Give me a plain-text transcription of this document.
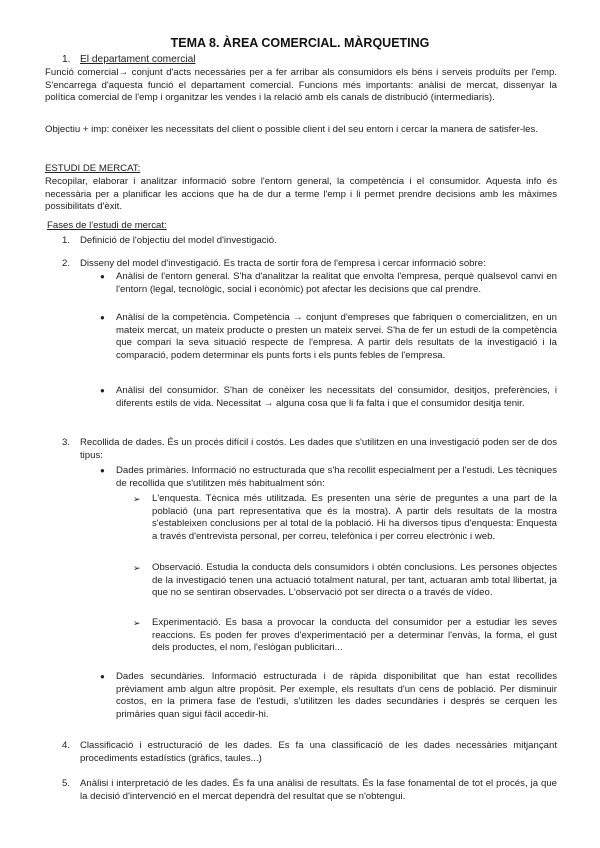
TEMA 8. ÀREA COMERCIAL. MÀRQUETING
1. El departament comercial
Funció comercial→ conjunt d'acts necessàries per a fer arribar als consumidors els béns i serveis produïts per l'emp. S'encarrega d'aquesta funció el departament comercial. Funcions més importants: anàlisi de mercat, dissenyar la política comercial de l'emp i organitzar les vendes i la relació amb els canals de distribució (intermediaris).
Objectiu + imp: conèixer les necessitats del client o possible client i del seu entorn i cercar la manera de satisfer-les.
ESTUDI DE MERCAT:
Recopilar, elaborar i analitzar informació sobre l'entorn general, la competència i el consumidor. Aquesta info és necessària per a planificar les accions que ha de dur a terme l'emp i li permet prendre decisions amb les màximes possibilitats d'èxit.
Fases de l'estudi de mercat:
1.	Definició de l'objectiu del model d'investigació.
2.	Disseny del model d'investigació. Es tracta de sortir fora de l'empresa i cercar informació sobre:
●	Anàlisi de l'entorn general. S'ha d'analitzar la realitat que envolta l'empresa, perquè qualsevol canvi en l'entorn (legal, tecnològic, social i econòmic) pot afectar les decisions que cal prendre.
●	Anàlisi de la competència. Competència → conjunt d'empreses que fabriquen o comercialitzen, en un mateix mercat, un mateix producte o presten un mateix servei. S'ha de fer un estudi de la competència que compari la seva situació respecte de l'empresa. A partir dels resultats de la investigació i la comparació, podem determinar els punts forts i els punts febles de l'empresa.
●	Anàlisi del consumidor. S'han de conèixer les necessitats del consumidor, desitjos, preferències, i diferents estils de vida. Necessitat → alguna cosa que li fa falta i que el consumidor desitja tenir.
3.	Recollida de dades. És un procés difícil i costós. Les dades que s'utilitzen en una investigació poden ser de dos tipus:
●	Dades primàries. Informació no estructurada que s'ha recollit especialment per a l'estudi. Les tècniques de recollida que s'utilitzen més habitualment són:
➢	L'enquesta. Tècnica més utilitzada. Es presenten una sèrie de preguntes a una part de la població (una part representativa que és la mostra). A partir dels resultats de la mostra s'estableixen conclusions per al total de la població. Hi ha diversos tipus d'enquesta: Enquesta a través d'entrevista personal, per correu, telefònica i per correu electrònic i web.
➢	Observació. Estudia la conducta dels consumidors i obtén conclusions. Les persones objectes de la investigació tenen una actuació totalment natural, per tant, actuaran amb total llibertat, ja que no se sentiran observades. L'observació pot ser directa o a través de vídeo.
➢	Experimentació. Es basa a provocar la conducta del consumidor per a estudiar les seves reaccions. Es poden fer proves d'experimentació per a determinar l'envàs, la forma, el gust dels productes, el nom, l'eslògan publicitari...
●	Dades secundàries. Informació estructurada i de ràpida disponibilitat que han estat recollides prèviament amb algun altre propòsit. Per exemple, els resultats d'un cens de població. Per disminuir costos, en la primera fase de l'estudi, s'utilitzen les dades secundàries i després se cerquen les primàries quan sigui fàcil accedir-hi.
4.	Classificació i estructuració de les dades. Es fa una classificació de les dades necessàries mitjançant procediments estadístics (gràfics, taules...)
5.	Anàlisi i interpretació de les dades. És fa una anàlisi de resultats. És la fase fonamental de tot el procés, ja que la decisió d'intervenció en el mercat dependrà del resultat que se n'obtengui.
